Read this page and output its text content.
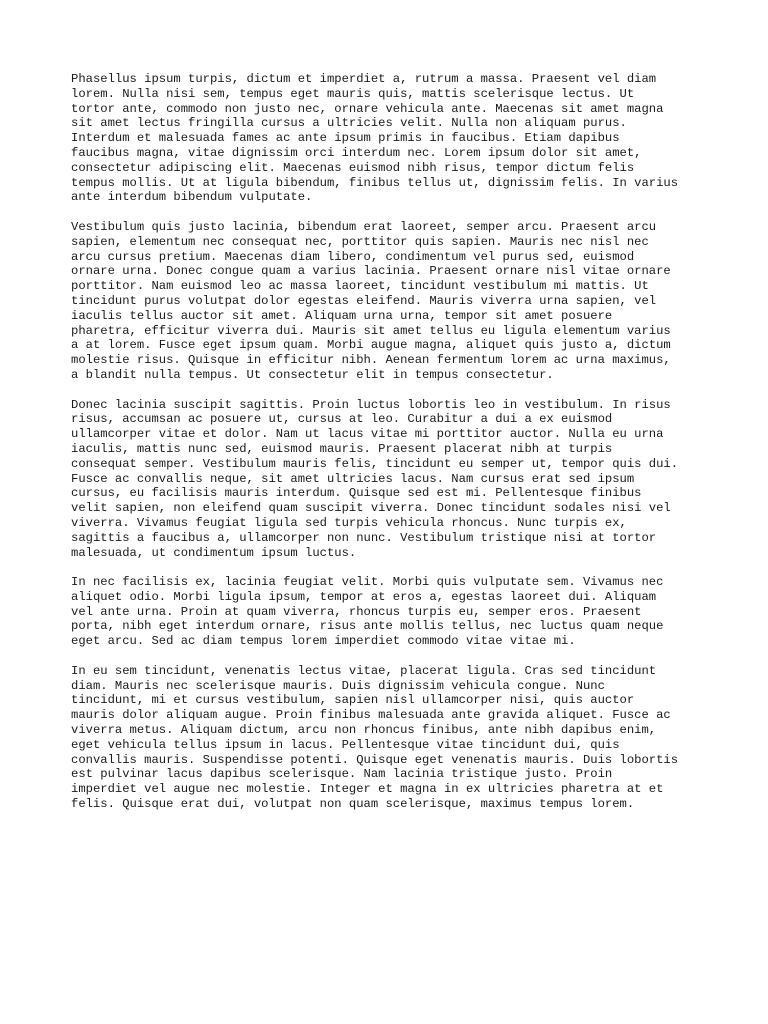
Phasellus ipsum turpis, dictum et imperdiet a, rutrum a massa. Praesent vel diam
lorem. Nulla nisi sem, tempus eget mauris quis, mattis scelerisque lectus. Ut
tortor ante, commodo non justo nec, ornare vehicula ante. Maecenas sit amet magna
sit amet lectus fringilla cursus a ultricies velit. Nulla non aliquam purus.
Interdum et malesuada fames ac ante ipsum primis in faucibus. Etiam dapibus
faucibus magna, vitae dignissim orci interdum nec. Lorem ipsum dolor sit amet,
consectetur adipiscing elit. Maecenas euismod nibh risus, tempor dictum felis
tempus mollis. Ut at ligula bibendum, finibus tellus ut, dignissim felis. In varius
ante interdum bibendum vulputate.

Vestibulum quis justo lacinia, bibendum erat laoreet, semper arcu. Praesent arcu
sapien, elementum nec consequat nec, porttitor quis sapien. Mauris nec nisl nec
arcu cursus pretium. Maecenas diam libero, condimentum vel purus sed, euismod
ornare urna. Donec congue quam a varius lacinia. Praesent ornare nisl vitae ornare
porttitor. Nam euismod leo ac massa laoreet, tincidunt vestibulum mi mattis. Ut
tincidunt purus volutpat dolor egestas eleifend. Mauris viverra urna sapien, vel
iaculis tellus auctor sit amet. Aliquam urna urna, tempor sit amet posuere
pharetra, efficitur viverra dui. Mauris sit amet tellus eu ligula elementum varius
a at lorem. Fusce eget ipsum quam. Morbi augue magna, aliquet quis justo a, dictum
molestie risus. Quisque in efficitur nibh. Aenean fermentum lorem ac urna maximus,
a blandit nulla tempus. Ut consectetur elit in tempus consectetur.

Donec lacinia suscipit sagittis. Proin luctus lobortis leo in vestibulum. In risus
risus, accumsan ac posuere ut, cursus at leo. Curabitur a dui a ex euismod
ullamcorper vitae et dolor. Nam ut lacus vitae mi porttitor auctor. Nulla eu urna
iaculis, mattis nunc sed, euismod mauris. Praesent placerat nibh at turpis
consequat semper. Vestibulum mauris felis, tincidunt eu semper ut, tempor quis dui.
Fusce ac convallis neque, sit amet ultricies lacus. Nam cursus erat sed ipsum
cursus, eu facilisis mauris interdum. Quisque sed est mi. Pellentesque finibus
velit sapien, non eleifend quam suscipit viverra. Donec tincidunt sodales nisi vel
viverra. Vivamus feugiat ligula sed turpis vehicula rhoncus. Nunc turpis ex,
sagittis a faucibus a, ullamcorper non nunc. Vestibulum tristique nisi at tortor
malesuada, ut condimentum ipsum luctus.

In nec facilisis ex, lacinia feugiat velit. Morbi quis vulputate sem. Vivamus nec
aliquet odio. Morbi ligula ipsum, tempor at eros a, egestas laoreet dui. Aliquam
vel ante urna. Proin at quam viverra, rhoncus turpis eu, semper eros. Praesent
porta, nibh eget interdum ornare, risus ante mollis tellus, nec luctus quam neque
eget arcu. Sed ac diam tempus lorem imperdiet commodo vitae vitae mi.

In eu sem tincidunt, venenatis lectus vitae, placerat ligula. Cras sed tincidunt
diam. Mauris nec scelerisque mauris. Duis dignissim vehicula congue. Nunc
tincidunt, mi et cursus vestibulum, sapien nisl ullamcorper nisi, quis auctor
mauris dolor aliquam augue. Proin finibus malesuada ante gravida aliquet. Fusce ac
viverra metus. Aliquam dictum, arcu non rhoncus finibus, ante nibh dapibus enim,
eget vehicula tellus ipsum in lacus. Pellentesque vitae tincidunt dui, quis
convallis mauris. Suspendisse potenti. Quisque eget venenatis mauris. Duis lobortis
est pulvinar lacus dapibus scelerisque. Nam lacinia tristique justo. Proin
imperdiet vel augue nec molestie. Integer et magna in ex ultricies pharetra at et
felis. Quisque erat dui, volutpat non quam scelerisque, maximus tempus lorem.
